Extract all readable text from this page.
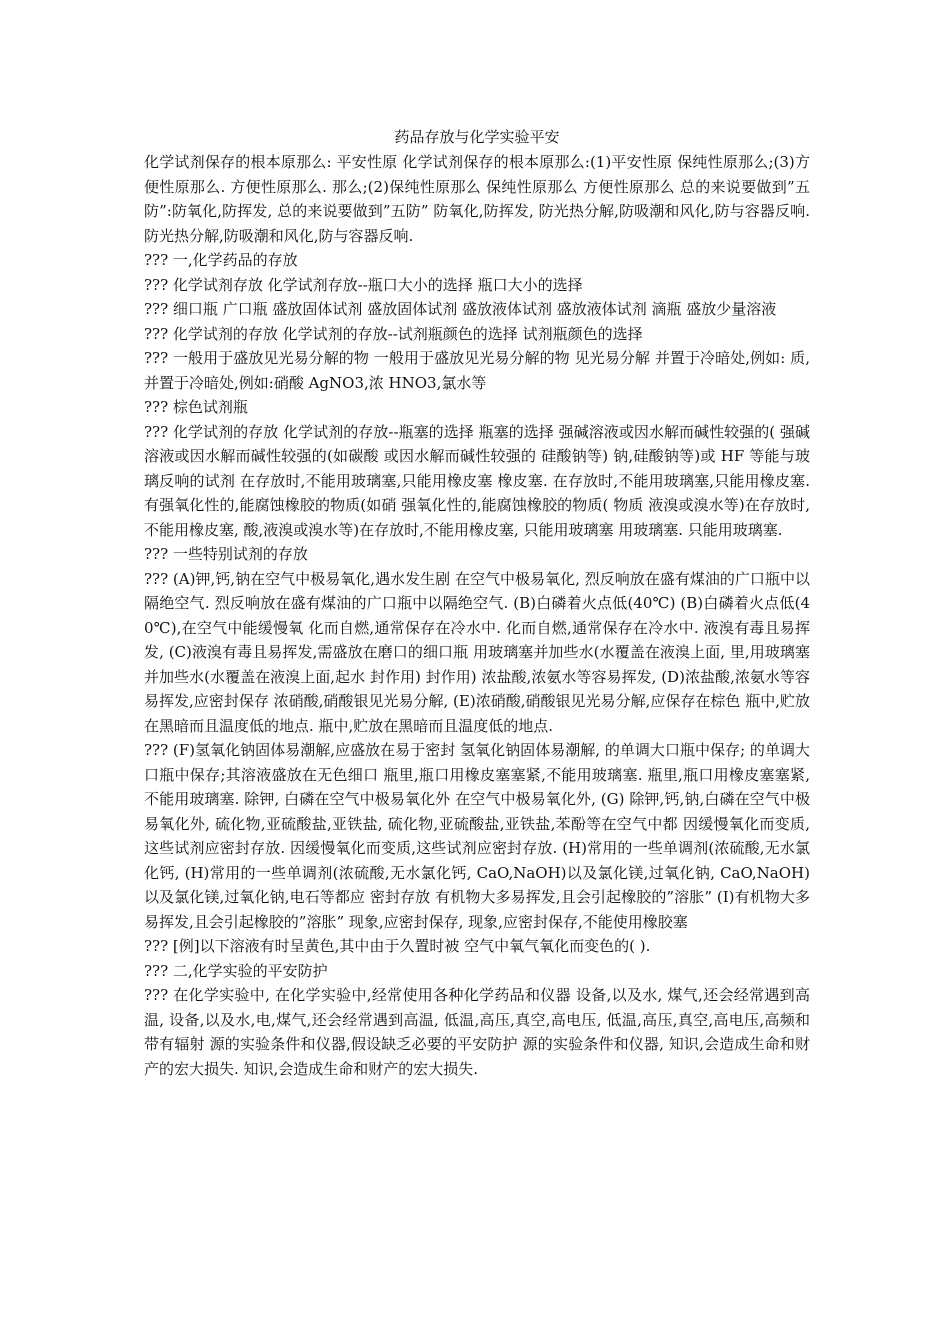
药品存放与化学实验平安

化学试剂保存的根本原那么: 平安性原 化学试剂保存的根本原那么:(1)平安性原 保纯性原那么;(3)方便性原那么. 方便性原那么. 那么;(2)保纯性原那么 保纯性原那么 方便性原那么 总的来说要做到”五防”:防氧化,防挥发, 总的来说要做到”五防” 防氧化,防挥发, 防光热分解,防吸潮和风化,防与容器反响. 防光热分解,防吸潮和风化,防与容器反响.

??? 一,化学药品的存放

??? 化学试剂存放 化学试剂存放--瓶口大小的选择 瓶口大小的选择

??? 细口瓶 广口瓶 盛放固体试剂 盛放固体试剂 盛放液体试剂 盛放液体试剂 滴瓶 盛放少量溶液

??? 化学试剂的存放 化学试剂的存放--试剂瓶颜色的选择 试剂瓶颜色的选择

??? 一般用于盛放见光易分解的物 一般用于盛放见光易分解的物 见光易分解 并置于冷暗处,例如: 质,并置于冷暗处,例如:硝酸 AgNO3,浓 HNO3,氯水等

??? 棕色试剂瓶

??? 化学试剂的存放 化学试剂的存放--瓶塞的选择 瓶塞的选择 强碱溶液或因水解而碱性较强的( 强碱溶液或因水解而碱性较强的(如碳酸 或因水解而碱性较强的 硅酸钠等) 钠,硅酸钠等)或 HF 等能与玻璃反响的试剂 在存放时,不能用玻璃塞,只能用橡皮塞 橡皮塞. 在存放时,不能用玻璃塞,只能用橡皮塞. 有强氧化性的,能腐蚀橡胶的物质(如硝 强氧化性的,能腐蚀橡胶的物质( 物质 液溴或溴水等)在存放时,不能用橡皮塞, 酸,液溴或溴水等)在存放时,不能用橡皮塞, 只能用玻璃塞 用玻璃塞. 只能用玻璃塞.

??? 一些特别试剂的存放

??? (A)钾,钙,钠在空气中极易氧化,遇水发生剧 在空气中极易氧化, 烈反响放在盛有煤油的广口瓶中以隔绝空气. 烈反响放在盛有煤油的广口瓶中以隔绝空气. (B)白磷着火点低(40℃) (B)白磷着火点低(40℃),在空气中能缓慢氧 化而自燃,通常保存在冷水中. 化而自燃,通常保存在冷水中. 液溴有毒且易挥发, (C)液溴有毒且易挥发,需盛放在磨口的细口瓶 用玻璃塞并加些水(水覆盖在液溴上面, 里,用玻璃塞并加些水(水覆盖在液溴上面,起水 封作用) 封作用) 浓盐酸,浓氨水等容易挥发, (D)浓盐酸,浓氨水等容易挥发,应密封保存 浓硝酸,硝酸银见光易分解, (E)浓硝酸,硝酸银见光易分解,应保存在棕色 瓶中,贮放在黑暗而且温度低的地点. 瓶中,贮放在黑暗而且温度低的地点.

??? (F)氢氧化钠固体易潮解,应盛放在易于密封 氢氧化钠固体易潮解, 的单调大口瓶中保存; 的单调大口瓶中保存;其溶液盛放在无色细口 瓶里,瓶口用橡皮塞塞紧,不能用玻璃塞. 瓶里,瓶口用橡皮塞塞紧,不能用玻璃塞. 除钾, 白磷在空气中极易氧化外 在空气中极易氧化外, (G) 除钾,钙,钠,白磷在空气中极易氧化外, 硫化物,亚硫酸盐,亚铁盐, 硫化物,亚硫酸盐,亚铁盐,苯酚等在空气中都 因缓慢氧化而变质,这些试剂应密封存放. 因缓慢氧化而变质,这些试剂应密封存放. (H)常用的一些单调剂(浓硫酸,无水氯化钙, (H)常用的一些单调剂(浓硫酸,无水氯化钙, CaO,NaOH)以及氯化镁,过氧化钠, CaO,NaOH)以及氯化镁,过氧化钠,电石等都应 密封存放 有机物大多易挥发,且会引起橡胶的”溶胀” (I)有机物大多易挥发,且会引起橡胶的”溶胀” 现象,应密封保存, 现象,应密封保存,不能使用橡胶塞

??? [例]以下溶液有时呈黄色,其中由于久置时被 空气中氧气氧化而变色的( ).

??? 二,化学实验的平安防护

??? 在化学实验中, 在化学实验中,经常使用各种化学药品和仪器 设备,以及水, 煤气,还会经常遇到高温, 设备,以及水,电,煤气,还会经常遇到高温, 低温,高压,真空,高电压, 低温,高压,真空,高电压,高频和带有辐射 源的实验条件和仪器,假设缺乏必要的平安防护 源的实验条件和仪器, 知识,会造成生命和财产的宏大损失. 知识,会造成生命和财产的宏大损失.
